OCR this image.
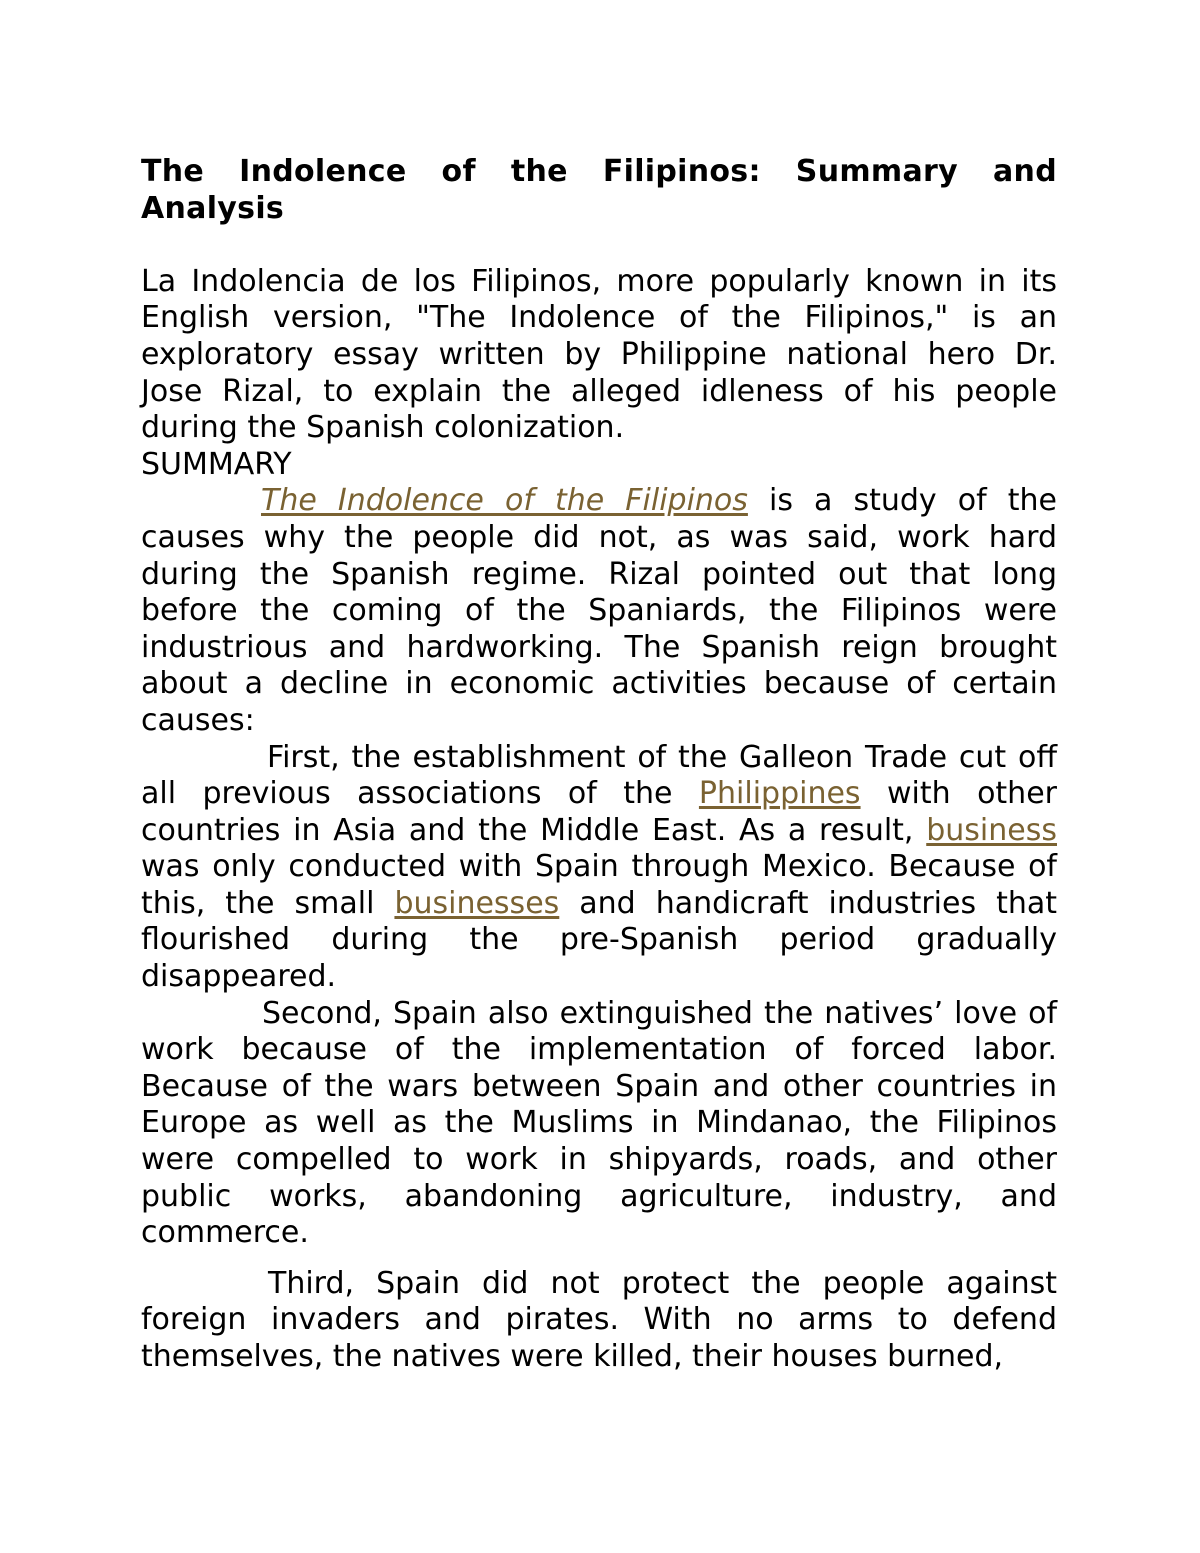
The Indolence of the Filipinos: Summary and Analysis

La Indolencia de los Filipinos, more popularly known in its English version, "The Indolence of the Filipinos," is an exploratory essay written by Philippine national hero Dr. Jose Rizal, to explain the alleged idleness of his people during the Spanish colonization.

SUMMARY

The Indolence of the Filipinos is a study of the causes why the people did not, as was said, work hard during the Spanish regime. Rizal pointed out that long before the coming of the Spaniards, the Filipinos were industrious and hardworking. The Spanish reign brought about a decline in economic activities because of certain causes:

First, the establishment of the Galleon Trade cut off all previous associations of the Philippines with other countries in Asia and the Middle East. As a result, business was only conducted with Spain through Mexico. Because of this, the small businesses and handicraft industries that flourished during the pre-Spanish period gradually disappeared.

Second, Spain also extinguished the natives’ love of work because of the implementation of forced labor. Because of the wars between Spain and other countries in Europe as well as the Muslims in Mindanao, the Filipinos were compelled to work in shipyards, roads, and other public works, abandoning agriculture, industry, and commerce.

Third, Spain did not protect the people against foreign invaders and pirates. With no arms to defend themselves, the natives were killed, their houses burned,
